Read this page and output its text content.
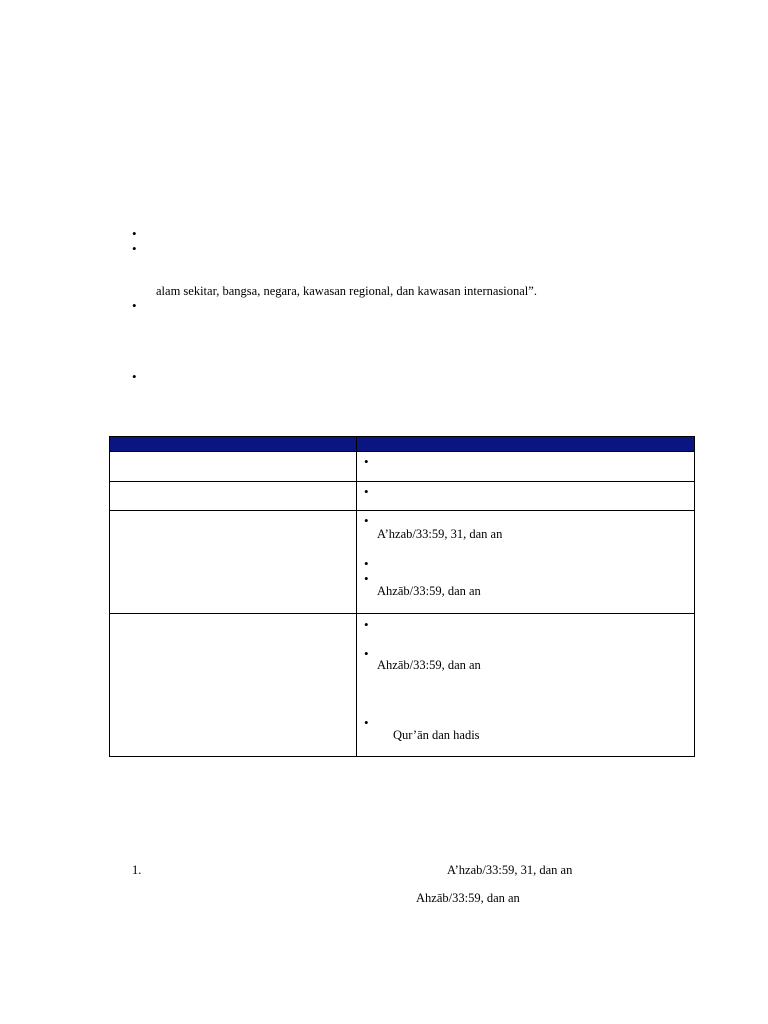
•
•
alam sekitar, bangsa, negara, kawasan regional, dan kawasan internasional”.
•
•

	•

	•

	•
A’hzab/33:59, 31, dan an
•
•
Ahzāb/33:59, dan an

	•
•
Ahzāb/33:59, dan an
•
Qur’ān dan hadis
1.	A’hzab/33:59, 31, dan an
Ahzāb/33:59, dan an
